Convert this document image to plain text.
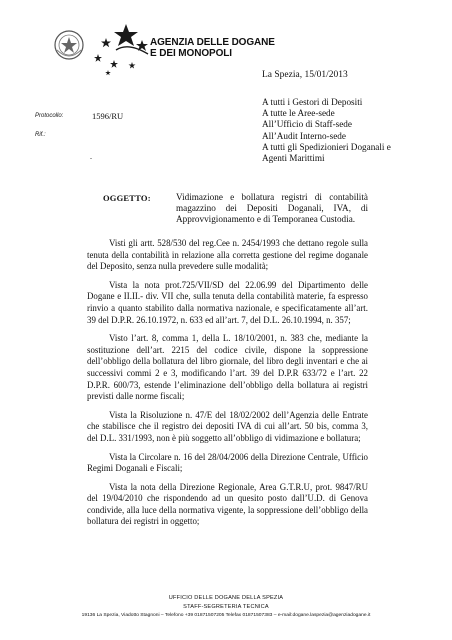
AGENZIA DELLE DOGANE
E DEI MONOPOLI
La Spezia, 15/01/2013
A tutti i Gestori di Depositi
A tutte le Aree-sede
All’Ufficio di Staff-sede
All’Audit Interno-sede
A tutti gli Spedizionieri Doganali e
Agenti Marittimi
Protocollo:	1596/RU
Rif.:
.
OGGETTO:	Vidimazione e bollatura registri di contabilità magazzino dei Depositi Doganali, IVA, di Approvvigionamento e di Temporanea Custodia.

Visti gli artt. 528/530 del reg.Cee n. 2454/1993 che dettano regole sulla tenuta della contabilità in relazione alla corretta gestione del regime doganale del Deposito, senza nulla prevedere sulle modalità;

Vista la nota prot.725/VII/SD del 22.06.99 del Dipartimento delle Dogane e II.II.- div. VII che, sulla tenuta della contabilità materie, fa espresso rinvio a quanto stabilito dalla normativa nazionale, e specificatamente all’art. 39 del D.P.R. 26.10.1972, n. 633 ed all’art. 7, del D.L. 26.10.1994, n. 357;

Visto l’art. 8, comma 1, della L. 18/10/2001, n. 383 che, mediante la sostituzione dell’art. 2215 del codice civile, dispone la soppressione dell’obbligo della bollatura del libro giornale, del libro degli inventari e che ai successivi commi 2 e 3, modificando l’art. 39 del D.P.R 633/72 e l’art. 22 D.P.R. 600/73, estende l’eliminazione dell’obbligo della bollatura ai registri previsti dalle norme fiscali;

Vista la Risoluzione n. 47/E del 18/02/2002 dell’Agenzia delle Entrate che stabilisce che il registro dei depositi IVA di cui all’art. 50 bis, comma 3, del D.L. 331/1993, non è più soggetto all’obbligo di vidimazione e bollatura;

Vista la Circolare n. 16 del 28/04/2006 della Direzione Centrale, Ufficio Regimi Doganali e Fiscali;

Vista la nota della Direzione Regionale, Area G.T.R.U, prot. 9847/RU del 19/04/2010 che rispondendo ad un quesito posto dall’U.D. di Genova condivide, alla luce della normativa vigente, la soppressione dell’obbligo della bollatura dei registri in oggetto;

UFFICIO DELLE DOGANE DELLA SPEZIA
STAFF-SEGRETERIA TECNICA
19136 La Spezia, Viadotto Stagnoni – Telefono +39 01871507205 Telefax 01871507383 – e-mail:dogane.laspezia@agenziadogane.it
